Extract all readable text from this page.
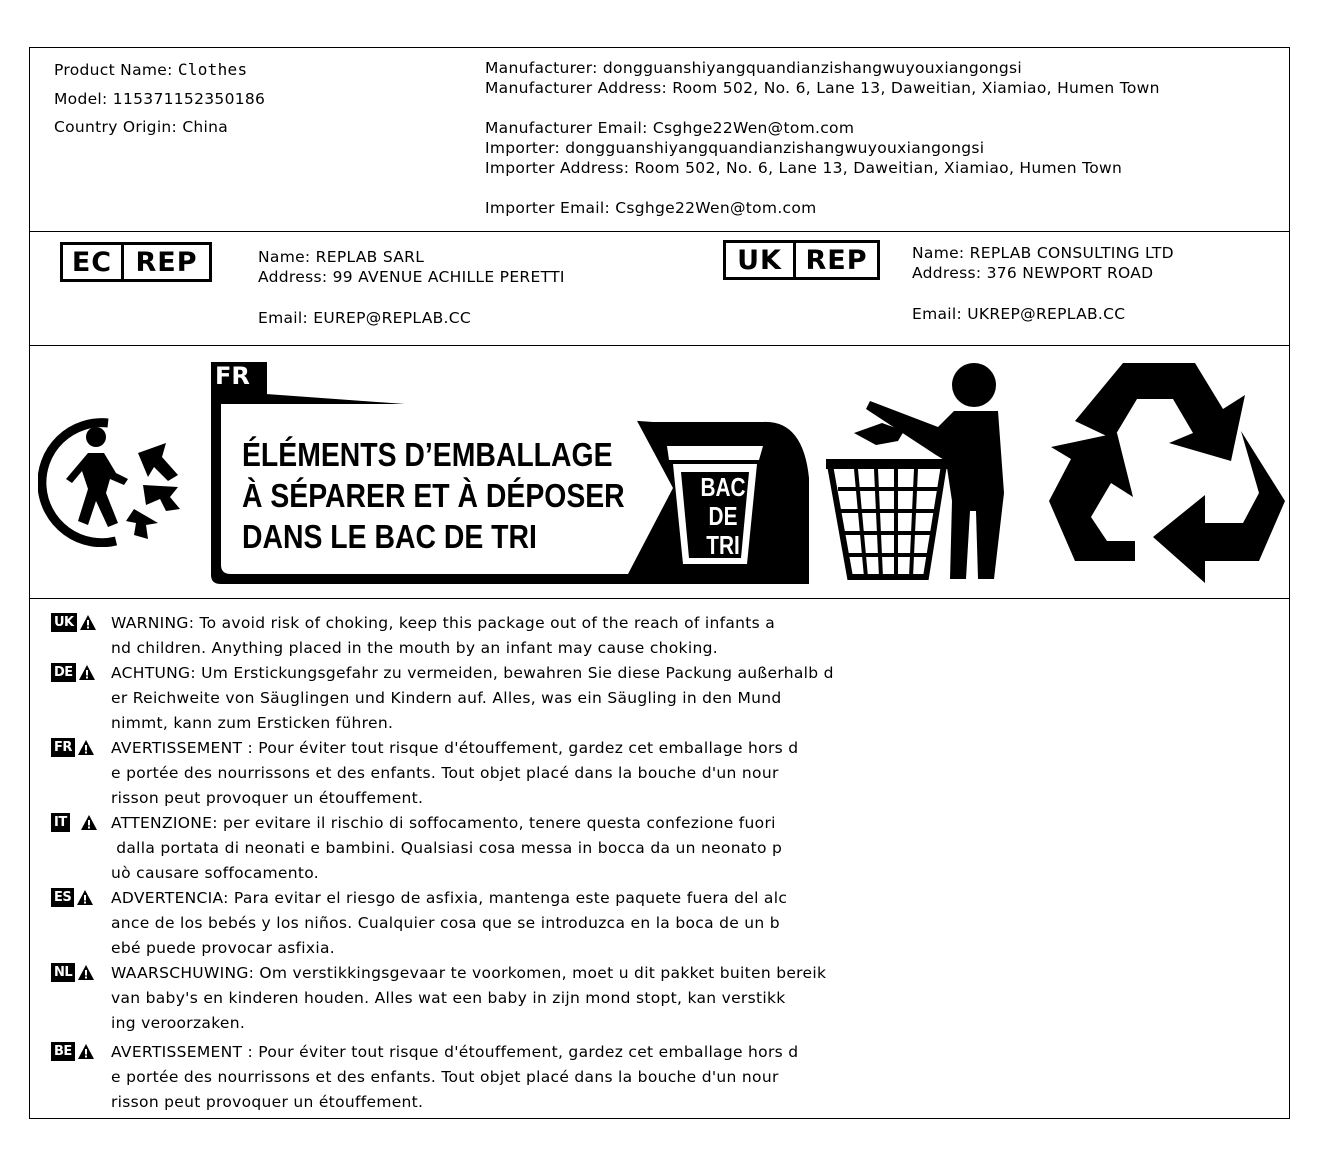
Product Name: Clothes
Model: 115371152350186
Country Origin: China
Manufacturer: dongguanshiyangquandianzishangwuyouxiangongsi
Manufacturer Address: Room 502, No. 6, Lane 13, Daweitian, Xiamiao, Humen Town
Manufacturer Email: Csghge22Wen@tom.com
Importer: dongguanshiyangquandianzishangwuyouxiangongsi
Importer Address: Room 502, No. 6, Lane 13, Daweitian, Xiamiao, Humen Town
Importer Email: Csghge22Wen@tom.com
EC REP	Name: REPLAB SARL
Address: 99 AVENUE ACHILLE PERETTI
Email: EUREP@REPLAB.CC
UK REP	Name: REPLAB CONSULTING LTD
Address: 376 NEWPORT ROAD
Email: UKREP@REPLAB.CC
FR
ÉLÉMENTS D’EMBALLAGE
À SÉPARER ET À DÉPOSER
DANS LE BAC DE TRI
BAC
DE
TRI
UK WARNING: To avoid risk of choking, keep this package out of the reach of infants a
nd children. Anything placed in the mouth by an infant may cause choking.
DE ACHTUNG: Um Erstickungsgefahr zu vermeiden, bewahren Sie diese Packung außerhalb d
er Reichweite von Säuglingen und Kindern auf. Alles, was ein Säugling in den Mund
nimmt, kann zum Ersticken führen.
FR	AVERTISSEMENT : Pour éviter tout risque d'étouffement, gardez cet emballage hors d
e portée des nourrissons et des enfants. Tout objet placé dans la bouche d'un nour
risson peut provoquer un étouffement.
IT	ATTENZIONE: per evitare il rischio di soffocamento, tenere questa confezione fuori
dalla portata di neonati e bambini. Qualsiasi cosa messa in bocca da un neonato p
uò causare soffocamento.
ES	ADVERTENCIA: Para evitar el riesgo de asfixia, mantenga este paquete fuera del alc
ance de los bebés y los niños. Cualquier cosa que se introduzca en la boca de un b
ebé puede provocar asfixia.
NL	WAARSCHUWING: Om verstikkingsgevaar te voorkomen, moet u dit pakket buiten bereik
van baby's en kinderen houden. Alles wat een baby in zijn mond stopt, kan verstikk
ing veroorzaken.
BE	AVERTISSEMENT : Pour éviter tout risque d'étouffement, gardez cet emballage hors d
e portée des nourrissons et des enfants. Tout objet placé dans la bouche d'un nour
risson peut provoquer un étouffement.
